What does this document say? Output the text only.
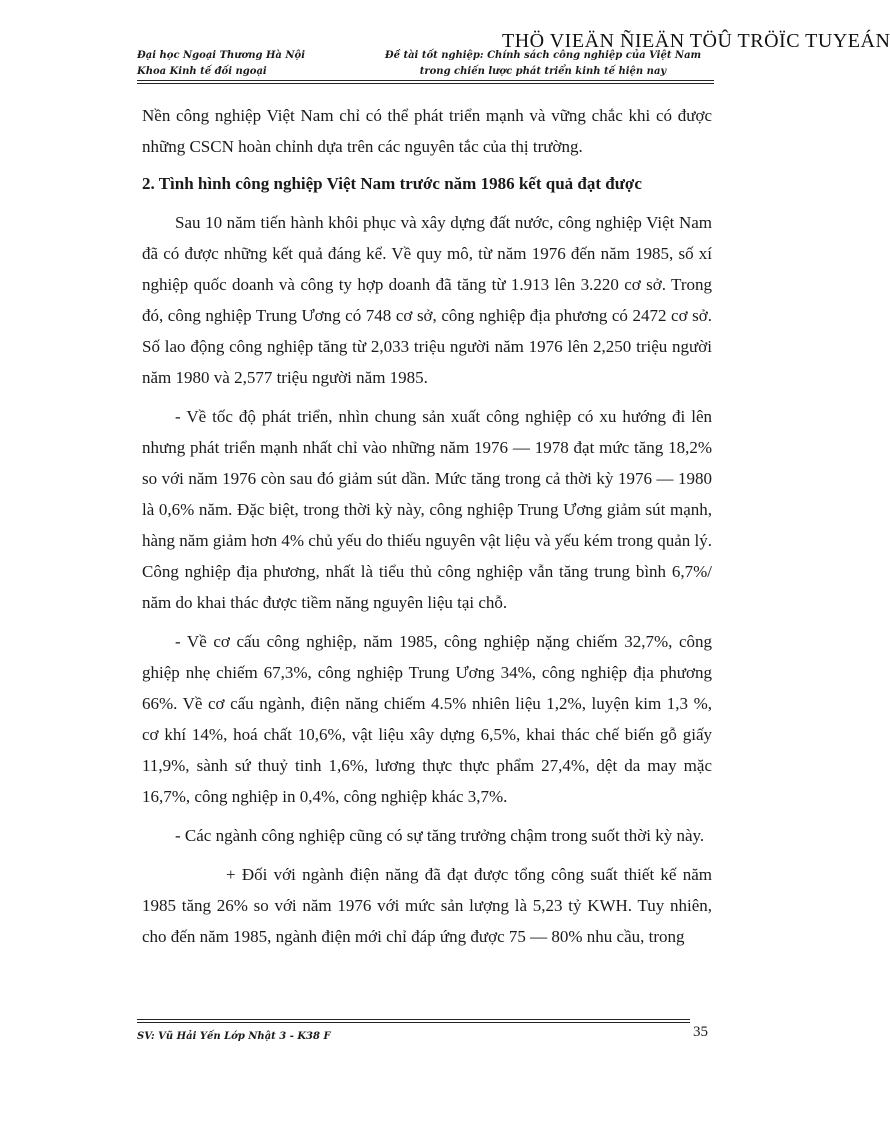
THÖ VIEÄN ÑIEÄN TÖÛ TRÖÏC TUYEÁN
Đại học Ngoại Thương Hà Nội
Khoa Kinh tế đối ngoại
Đề tài tốt nghiệp: Chính sách công nghiệp của Việt Nam
trong chiến lược phát triển kinh tế hiện nay

Nền công nghiệp Việt Nam chỉ có thể phát triển mạnh và vững chắc khi có được những CSCN hoàn chỉnh dựa trên các nguyên tắc của thị trường.

2. Tình hình công nghiệp Việt Nam trước năm 1986 kết quả đạt được

Sau 10 năm tiến hành khôi phục và xây dựng đất nước, công nghiệp Việt Nam đã có được những kết quả đáng kể. Về quy mô, từ năm 1976 đến năm 1985, số xí nghiệp quốc doanh và công ty hợp doanh đã tăng từ 1.913 lên 3.220 cơ sở. Trong đó, công nghiệp Trung Ương có 748 cơ sở, công nghiệp địa phương có 2472 cơ sở. Số lao động công nghiệp tăng từ 2,033 triệu người năm 1976 lên 2,250 triệu người năm 1980 và 2,577 triệu người năm 1985.

- Về tốc độ phát triển, nhìn chung sản xuất công nghiệp có xu hướng đi lên nhưng phát triển mạnh nhất chỉ vào những năm 1976 — 1978 đạt mức tăng 18,2% so với năm 1976 còn sau đó giảm sút dần. Mức tăng trong cả thời kỳ 1976 — 1980 là 0,6% năm. Đặc biệt, trong thời kỳ này, công nghiệp Trung Ương giảm sút mạnh, hàng năm giảm hơn 4% chủ yếu do thiếu nguyên vật liệu và yếu kém trong quản lý. Công nghiệp địa phương, nhất là tiểu thủ công nghiệp vẫn tăng trung bình 6,7%/ năm do khai thác được tiềm năng nguyên liệu tại chỗ.

- Về cơ cấu công nghiệp, năm 1985, công nghiệp nặng chiếm 32,7%, công ghiệp nhẹ chiếm 67,3%, công nghiệp Trung Ương 34%, công nghiệp địa phương 66%. Về cơ cấu ngành, điện năng chiếm 4.5% nhiên liệu 1,2%, luyện kim 1,3 %, cơ khí 14%, hoá chất 10,6%, vật liệu xây dựng 6,5%, khai thác chế biến gỗ giấy 11,9%, sành sứ thuỷ tinh 1,6%, lương thực thực phẩm 27,4%, dệt da may mặc 16,7%, công nghiệp in 0,4%, công nghiệp khác 3,7%.

- Các ngành công nghiệp cũng có sự tăng trưởng chậm trong suốt thời kỳ này.

+ Đối với ngành điện năng đã đạt được tổng công suất thiết kế năm 1985 tăng 26% so với năm 1976 với mức sản lượng là 5,23 tỷ KWH. Tuy nhiên, cho đến năm 1985, ngành điện mới chỉ đáp ứng được 75 — 80% nhu cầu, trong

SV: Vũ Hải Yến Lớp Nhật 3 - K38 F	35
